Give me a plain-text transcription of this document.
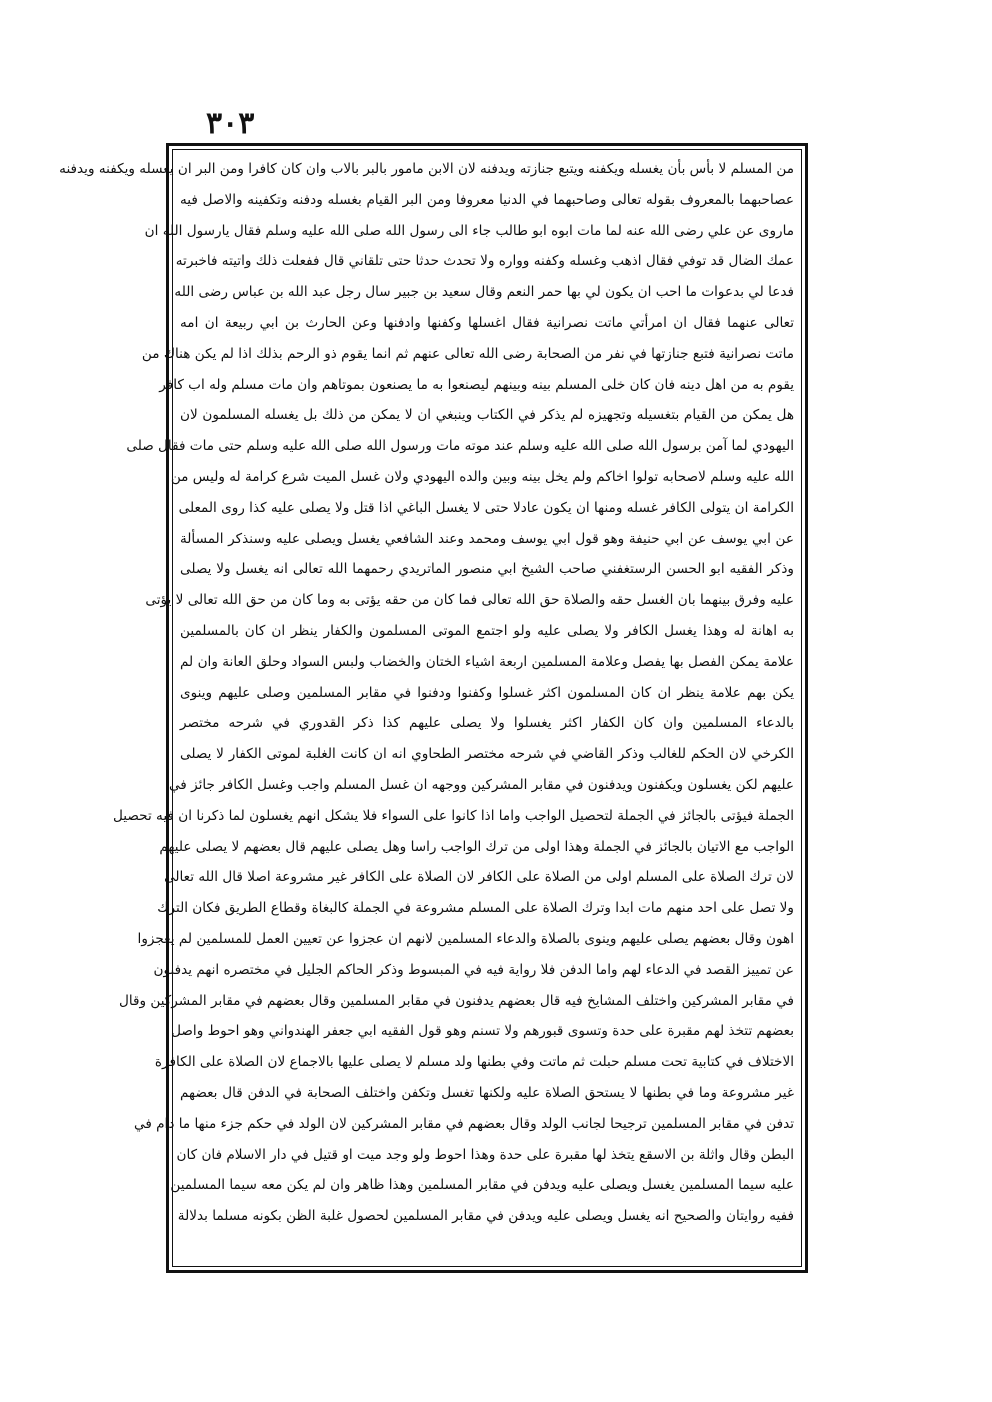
٣٠٣
من المسلم لا بأس بأن يغسله ويكفنه ويتبع جنازته ويدفنه لان الابن مامور بالبر بالاب وان كان كافرا ومن البر ان يغسله ويكفنه ويدفنه
عصاحبهما بالمعروف بقوله تعالى وصاحبهما في الدنيا معروفا ومن البر القيام بغسله ودفنه وتكفينه والاصل فيه
ماروى عن علي رضى الله عنه لما مات ابوه ابو طالب جاء الى رسول الله صلى الله عليه وسلم فقال يارسول الله ان
عمك الضال قد توفي فقال اذهب وغسله وكفنه وواره ولا تحدث حدثا حتى تلقاني قال ففعلت ذلك واتيته فاخبرته
فدعا لي بدعوات ما احب ان يكون لي بها حمر النعم وقال سعيد بن جبير سال رجل عبد الله بن عباس رضى الله
تعالى عنهما فقال ان امرأتي ماتت نصرانية فقال اغسلها وكفنها وادفنها وعن الحارث بن ابي ربيعة ان امه
ماتت نصرانية فتبع جنازتها في نفر من الصحابة رضى الله تعالى عنهم ثم انما يقوم ذو الرحم بذلك اذا لم يكن هناك من
يقوم به من اهل دينه فان كان خلى المسلم بينه وبينهم ليصنعوا به ما يصنعون بموتاهم وان مات مسلم وله اب كافر
هل يمكن من القيام بتغسيله وتجهيزه لم يذكر في الكتاب وينبغي ان لا يمكن من ذلك بل يغسله المسلمون لان
اليهودي لما آمن برسول الله صلى الله عليه وسلم عند موته مات ورسول الله صلى الله عليه وسلم حتى مات فقال صلى
الله عليه وسلم لاصحابه تولوا اخاكم ولم يخل بينه وبين والده اليهودي ولان غسل الميت شرع كرامة له وليس من
الكرامة ان يتولى الكافر غسله ومنها ان يكون عادلا حتى لا يغسل الباغي اذا قتل ولا يصلى عليه كذا روى المعلى
عن ابي يوسف عن ابي حنيفة وهو قول ابي يوسف ومحمد وعند الشافعي يغسل ويصلى عليه وسنذكر المسألة
وذكر الفقيه ابو الحسن الرستغفني صاحب الشيخ ابي منصور الماتريدي رحمهما الله تعالى انه يغسل ولا يصلى
عليه وفرق بينهما بان الغسل حقه والصلاة حق الله تعالى فما كان من حقه يؤتى به وما كان من حق الله تعالى لا يؤتى
به اهانة له وهذا يغسل الكافر ولا يصلى عليه ولو اجتمع الموتى المسلمون والكفار ينظر ان كان بالمسلمين
علامة يمكن الفصل بها يفصل وعلامة المسلمين اربعة اشياء الختان والخضاب ولبس السواد وحلق العانة وان لم
يكن بهم علامة ينظر ان كان المسلمون اكثر غسلوا وكفنوا ودفنوا في مقابر المسلمين وصلى عليهم وينوى
بالدعاء المسلمين وان كان الكفار اكثر يغسلوا ولا يصلى عليهم كذا ذكر القدوري في شرحه مختصر
الكرخي لان الحكم للغالب وذكر القاضي في شرحه مختصر الطحاوي انه ان كانت الغلبة لموتى الكفار لا يصلى
عليهم لكن يغسلون ويكفنون ويدفنون في مقابر المشركين ووجهه ان غسل المسلم واجب وغسل الكافر جائز في
الجملة فيؤتى بالجائز في الجملة لتحصيل الواجب واما اذا كانوا على السواء فلا يشكل انهم يغسلون لما ذكرنا ان فيه تحصيل
الواجب مع الاتيان بالجائز في الجملة وهذا اولى من ترك الواجب راسا وهل يصلى عليهم قال بعضهم لا يصلى عليهم
لان ترك الصلاة على المسلم اولى من الصلاة على الكافر لان الصلاة على الكافر غير مشروعة اصلا قال الله تعالى
ولا تصل على احد منهم مات ابدا وترك الصلاة على المسلم مشروعة في الجملة كالبغاة وقطاع الطريق فكان الترك
اهون وقال بعضهم يصلى عليهم وينوى بالصلاة والدعاء المسلمين لانهم ان عجزوا عن تعيين العمل للمسلمين لم يعجزوا
عن تمييز القصد في الدعاء لهم واما الدفن فلا رواية فيه في المبسوط وذكر الحاكم الجليل في مختصره انهم يدفنون
في مقابر المشركين واختلف المشايخ فيه قال بعضهم يدفنون في مقابر المسلمين وقال بعضهم في مقابر المشركين وقال
بعضهم تتخذ لهم مقبرة على حدة وتسوى قبورهم ولا تسنم وهو قول الفقيه ابي جعفر الهندواني وهو احوط واصل
الاختلاف في كتابية تحت مسلم حبلت ثم ماتت وفي بطنها ولد مسلم لا يصلى عليها بالاجماع لان الصلاة على الكافرة
غير مشروعة وما في بطنها لا يستحق الصلاة عليه ولكنها تغسل وتكفن واختلف الصحابة في الدفن قال بعضهم
تدفن في مقابر المسلمين ترجيحا لجانب الولد وقال بعضهم في مقابر المشركين لان الولد في حكم جزء منها ما دام في
البطن وقال واثلة بن الاسقع يتخذ لها مقبرة على حدة وهذا احوط ولو وجد ميت او قتيل في دار الاسلام فان كان
عليه سيما المسلمين يغسل ويصلى عليه ويدفن في مقابر المسلمين وهذا ظاهر وان لم يكن معه سيما المسلمين
ففيه روايتان والصحيح انه يغسل ويصلى عليه ويدفن في مقابر المسلمين لحصول غلبة الظن بكونه مسلما بدلالة
